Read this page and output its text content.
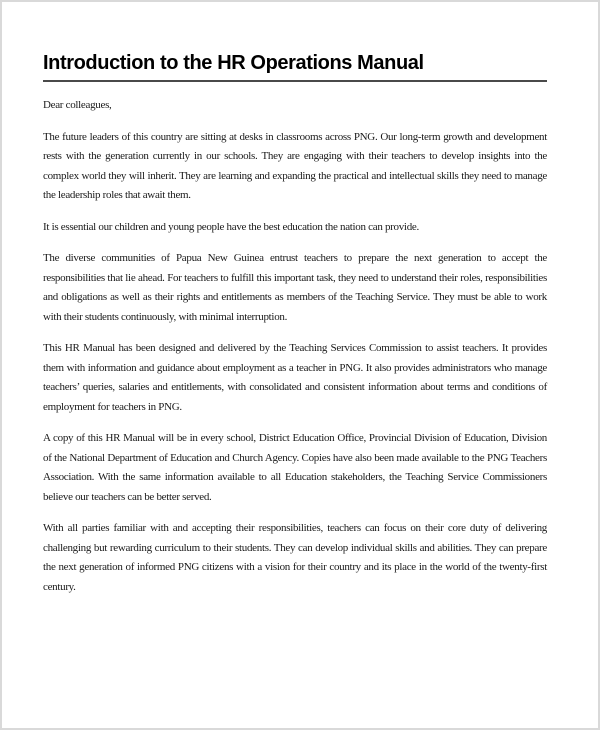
Introduction to the HR Operations Manual

Dear colleagues,

The future leaders of this country are sitting at desks in classrooms across PNG. Our long-term growth and development rests with the generation currently in our schools. They are engaging with their teachers to develop insights into the complex world they will inherit. They are learning and expanding the practical and intellectual skills they need to manage the leadership roles that await them.

It is essential our children and young people have the best education the nation can provide.

The diverse communities of Papua New Guinea entrust teachers to prepare the next generation to accept the responsibilities that lie ahead. For teachers to fulfill this important task, they need to understand their roles, responsibilities and obligations as well as their rights and entitlements as members of the Teaching Service. They must be able to work with their students continuously, with minimal interruption.

This HR Manual has been designed and delivered by the Teaching Services Commission to assist teachers. It provides them with information and guidance about employment as a teacher in PNG. It also provides administrators who manage teachers’ queries, salaries and entitlements, with consolidated and consistent information about terms and conditions of employment for teachers in PNG.

A copy of this HR Manual will be in every school, District Education Office, Provincial Division of Education, Division of the National Department of Education and Church Agency. Copies have also been made available to the PNG Teachers Association. With the same information available to all Education stakeholders, the Teaching Service Commissioners believe our teachers can be better served.

With all parties familiar with and accepting their responsibilities, teachers can focus on their core duty of delivering challenging but rewarding curriculum to their students. They can develop individual skills and abilities. They can prepare the next generation of informed PNG citizens with a vision for their country and its place in the world of the twenty-first century.
